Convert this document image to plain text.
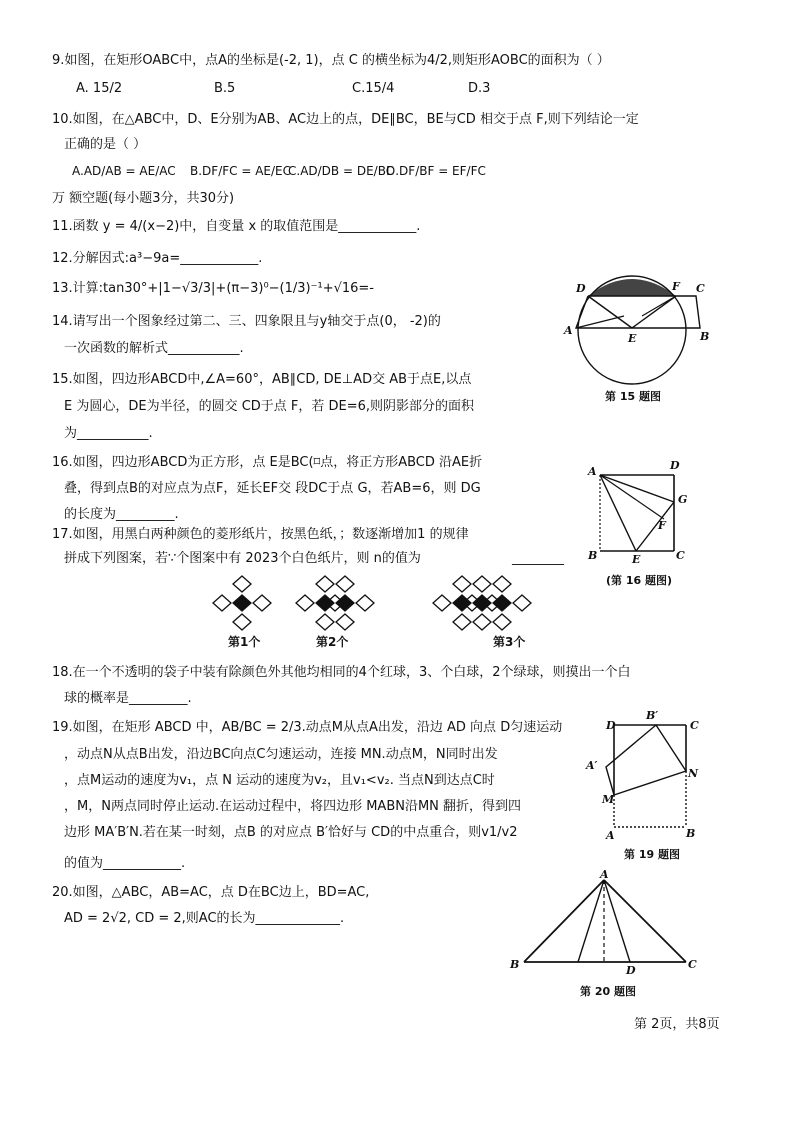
9.如图，在矩形OABC中，点A的坐标是(-2, 1)，点 C 的横坐标为4/2,则矩形AOBC的面积为（ ）
A. 15/2	B.5	C.15/4	D.3
10.如图，在△ABC中，D、E分别为AB、AC边上的点，DE∥BC，BE与CD 相交于点 F,则下列结论一定
正确的是（ ）
A.AD/AB = AE/AC B.DF/FC = AE/EC
C.AD/DB = DE/BC
D.DF/BF = EF/FC
万 额空题(每小题3分，共30分)
11.函数 y = 4/(x−2)中，自变量 x 的取值范围是____________.
12.分解因式:a³−9a=____________.
13.计算:tan30°+|1−√3/3|+(π−3)⁰−(1/3)⁻¹+√16=-
14.请写出一个图象经过第二、三、四象限且与y轴交于点(0， -2)的
一次函数的解析式___________.
15.如图，四边形ABCD中,∠A=60°，AB∥CD, DE⊥AD交 AB于点E,以点
E 为圆心，DE为半径，的圆交 CD于点 F，若 DE=6,则阴影部分的面积
为___________.
16.如图，四边形ABCD为正方形，点 E是BC(⌑点，将正方形ABCD 沿AE折
叠，得到点B的对应点为点F，延长EF交 段DC于点 G，若AB=6，则 DG
的长度为_________.
17.如图，用黑白两种颜色的菱形纸片，按黑色纸，；数逐渐增加1 的规律
拼成下列图案，若∵个图案中有 2023个白色纸片，则 n的值为	________
第1个	第2个	第3个
18.在一个不透明的袋子中装有除颜色外其他均相同的4个红球，3、个白球，2个绿球，则摸出一个白
球的概率是_________.
19.如图，在矩形 ABCD 中，AB/BC = 2/3.动点M从点A出发，沿边 AD 向点 D匀速运动
，动点N从点B出发，沿边BC向点C匀速运动，连接 MN.动点M，N同时出发
，点M运动的速度为v₁，点 N 运动的速度为v₂，且v₁<v₂. 当点N到达点C时
，M，N两点同时停止运动.在运动过程中，将四边形 MABN沿MN 翻折，得到四
边形 MA′B′N.若在某一时刻，点B 的对应点 B′恰好与 CD的中点重合，则v1/v2
的值为____________.
20.如图，△ABC，AB=AC，点 D在BC边上，BD=AC,
AD = 2√2, CD = 2,则AC的长为_____________.
D	F C
A
E	B
第 15 题图
A	D
G
F
B	E	C
(第 16 题图)
D
B′
C
A′
N
M
A	B
第 19 题图
A
B	D	C
第 20 题图
第 2页，共8页
